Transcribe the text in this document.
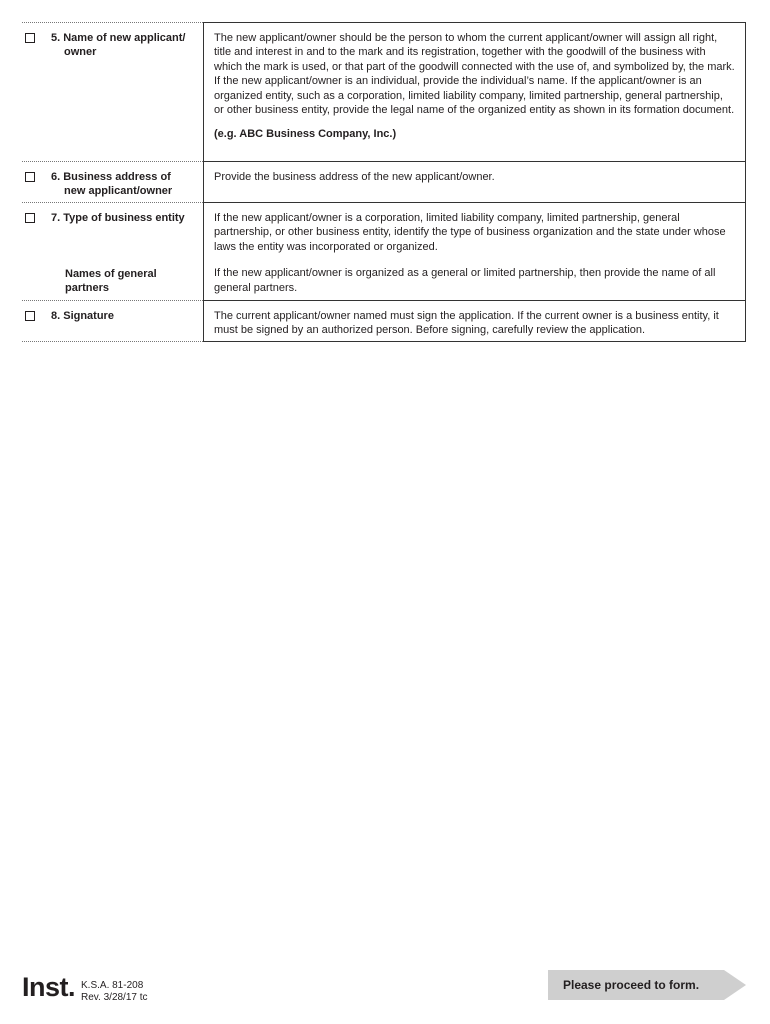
5. Name of new applicant/
owner
The new applicant/owner should be the person to whom the current applicant/owner will assign all right, title and interest in and to the mark and its registration, together with the goodwill of the business with which the mark is used, or that part of the goodwill connected with the use of, and symbolized by, the mark. If the new applicant/owner is an individual, provide the individual’s name. If the applicant/owner is an organized entity, such as a corporation, limited liability company, limited partnership, general partnership, or other business entity, provide the legal name of the organized entity as shown in its formation document.
(e.g. ABC Business Company, Inc.)
6. Business address of
new applicant/owner
Provide the business address of the new applicant/owner.
7. Type of business entity
Names of general
partners
If the new applicant/owner is a corporation, limited liability company, limited partnership, general partnership, or other business entity, identify the type of business organization and the state under whose laws the entity was incorporated or organized.
If the new applicant/owner is organized as a general or limited partnership, then provide the name of all general partners.
8. Signature	The current applicant/owner named must sign the application. If the current owner is a business entity, it must be signed by an authorized person. Before signing, carefully review the application.
Inst. K.S.A. 81-208
Rev. 3/28/17 tc
Please proceed to form.
